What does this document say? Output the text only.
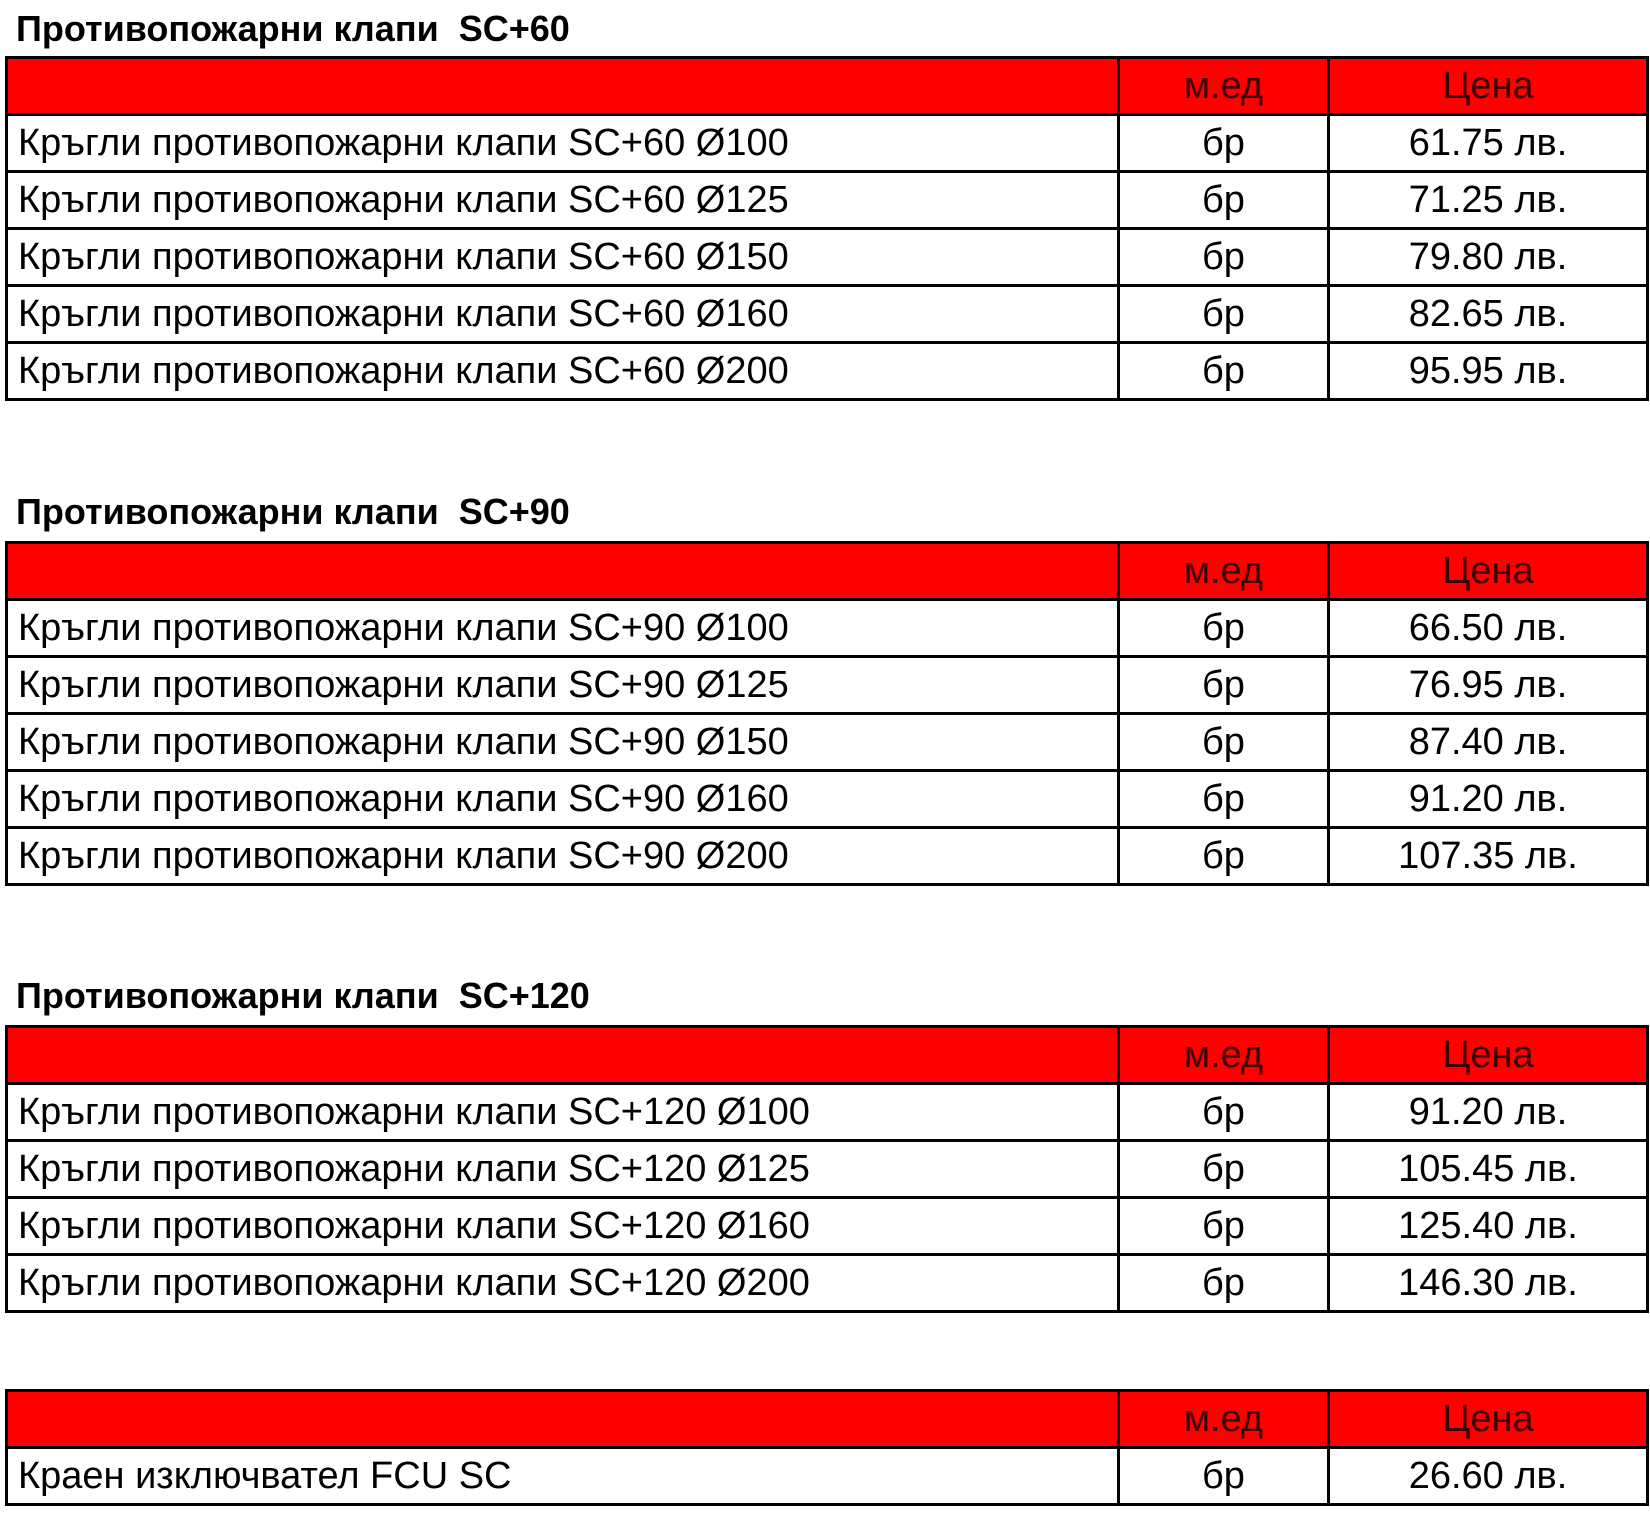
Противопожарни клапи  SC+60
	м.ед	Цена
Кръгли противопожарни клапи SC+60 Ø100	бр	61.75 лв.
Кръгли противопожарни клапи SC+60 Ø125	бр	71.25 лв.
Кръгли противопожарни клапи SC+60 Ø150	бр	79.80 лв.
Кръгли противопожарни клапи SC+60 Ø160	бр	82.65 лв.
Кръгли противопожарни клапи SC+60 Ø200	бр	95.95 лв.
Противопожарни клапи  SC+90
	м.ед	Цена
Кръгли противопожарни клапи SC+90 Ø100	бр	66.50 лв.
Кръгли противопожарни клапи SC+90 Ø125	бр	76.95 лв.
Кръгли противопожарни клапи SC+90 Ø150	бр	87.40 лв.
Кръгли противопожарни клапи SC+90 Ø160	бр	91.20 лв.
Кръгли противопожарни клапи SC+90 Ø200	бр	107.35 лв.
Противопожарни клапи  SC+120
	м.ед	Цена
Кръгли противопожарни клапи SC+120 Ø100	бр	91.20 лв.
Кръгли противопожарни клапи SC+120 Ø125	бр	105.45 лв.
Кръгли противопожарни клапи SC+120 Ø160	бр	125.40 лв.
Кръгли противопожарни клапи SC+120 Ø200	бр	146.30 лв.
	м.ед	Цена
Краен изключвател FCU SC	бр	26.60 лв.
